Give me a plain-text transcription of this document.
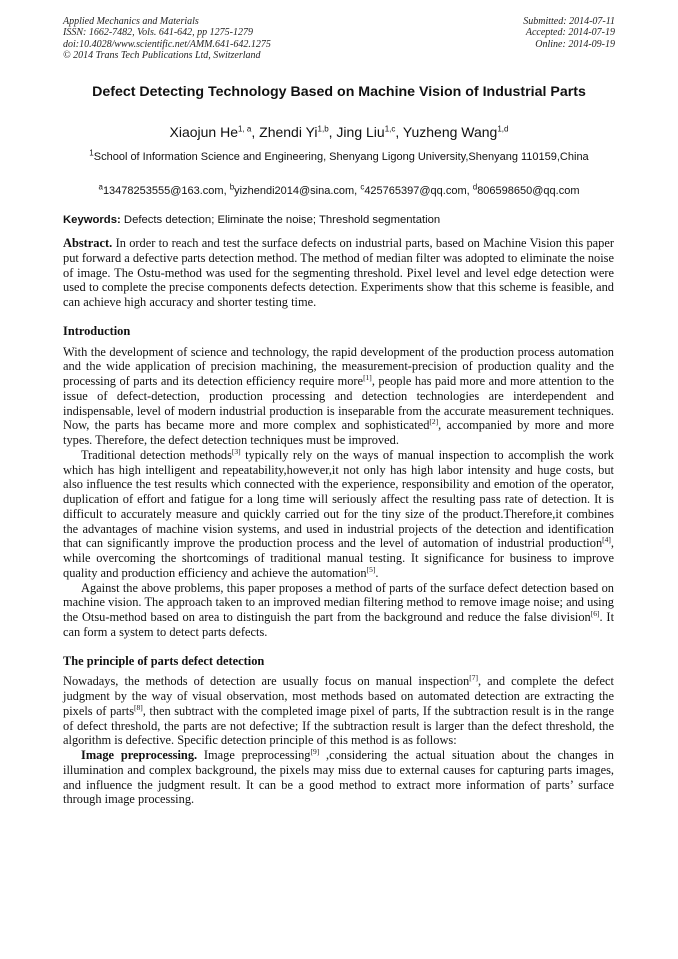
Applied Mechanics and Materials
ISSN: 1662-7482, Vols. 641-642, pp 1275-1279
doi:10.4028/www.scientific.net/AMM.641-642.1275
© 2014 Trans Tech Publications Ltd, Switzerland
Submitted: 2014-07-11
Accepted: 2014-07-19
Online: 2014-09-19
Defect Detecting Technology Based on Machine Vision of Industrial Parts
Xiaojun He$^{1, a}$, Zhendi Yi$^{1,b}$, Jing Liu$^{1,c}$, Yuzheng Wang$^{1,d}$
$^1$School of Information Science and Engineering, Shenyang Ligong University,Shenyang 110159,China
$^a$13478253555@163.com, $^b$yizhendi2014@sina.com, $^c$425765397@qq.com, $^d$806598650@qq.com
Keywords: Defects detection; Eliminate the noise; Threshold segmentation

Abstract. In order to reach and test the surface defects on industrial parts, based on Machine Vision this paper put forward a defective parts detection method. The method of median filter was adopted to eliminate the noise of image. The Ostu-method was used for the segmenting threshold. Pixel level and level edge detection were used to complete the precise components defects detection. Experiments show that this scheme is feasible, and can achieve high accuracy and shorter testing time.

Introduction

With the development of science and technology, the rapid development of the production process automation and the wide application of precision machining, the measurement-precision of production quality and the processing of parts and its detection efficiency require more[1], people has paid more and more attention to the issue of defect-detection, production processing and detection technologies are interdependent and indispensable, level of modern industrial production is inseparable from the accurate measurement techniques. Now, the parts has became more and more complex and sophisticated[2], accompanied by more and more types. Therefore, the defect detection techniques must be improved.

Traditional detection methods[3] typically rely on the ways of manual inspection to accomplish the work which has high intelligent and repeatability,however,it not only has high labor intensity and huge costs, but also influence the test results which connected with the experience, responsibility and emotion of the operator, duplication of effort and fatigue for a long time will seriously affect the resulting pass rate of detection. It is difficult to accurately measure and quickly carried out for the tiny size of the product.Therefore,it combines the advantages of machine vision systems, and used in industrial projects of the detection and identification that can significantly improve the production process and the level of automation of industrial production[4], while overcoming the shortcomings of traditional manual testing. It significance for business to improve quality and production efficiency and achieve the automation[5].

Against the above problems, this paper proposes a method of parts of the surface defect detection based on machine vision. The approach taken to an improved median filtering method to remove image noise; and using the Otsu-method based on area to distinguish the part from the background and reduce the false division[6]. It can form a system to detect parts defects.

The principle of parts defect detection

Nowadays, the methods of detection are usually focus on manual inspection[7], and complete the defect judgment by the way of visual observation, most methods based on automated detection are extracting the pixels of parts[8], then subtract with the completed image pixel of parts, If the subtraction result is in the range of defect threshold, the parts are not defective; If the subtraction result is larger than the defect threshold, the algorithm is defective. Specific detection principle of this method is as follows:

Image preprocessing. Image preprocessing[9] ,considering the actual situation about the changes in illumination and complex background, the pixels may miss due to external causes for capturing parts images, and influence the judgment result. It can be a good method to extract more information of parts’ surface through image processing.
